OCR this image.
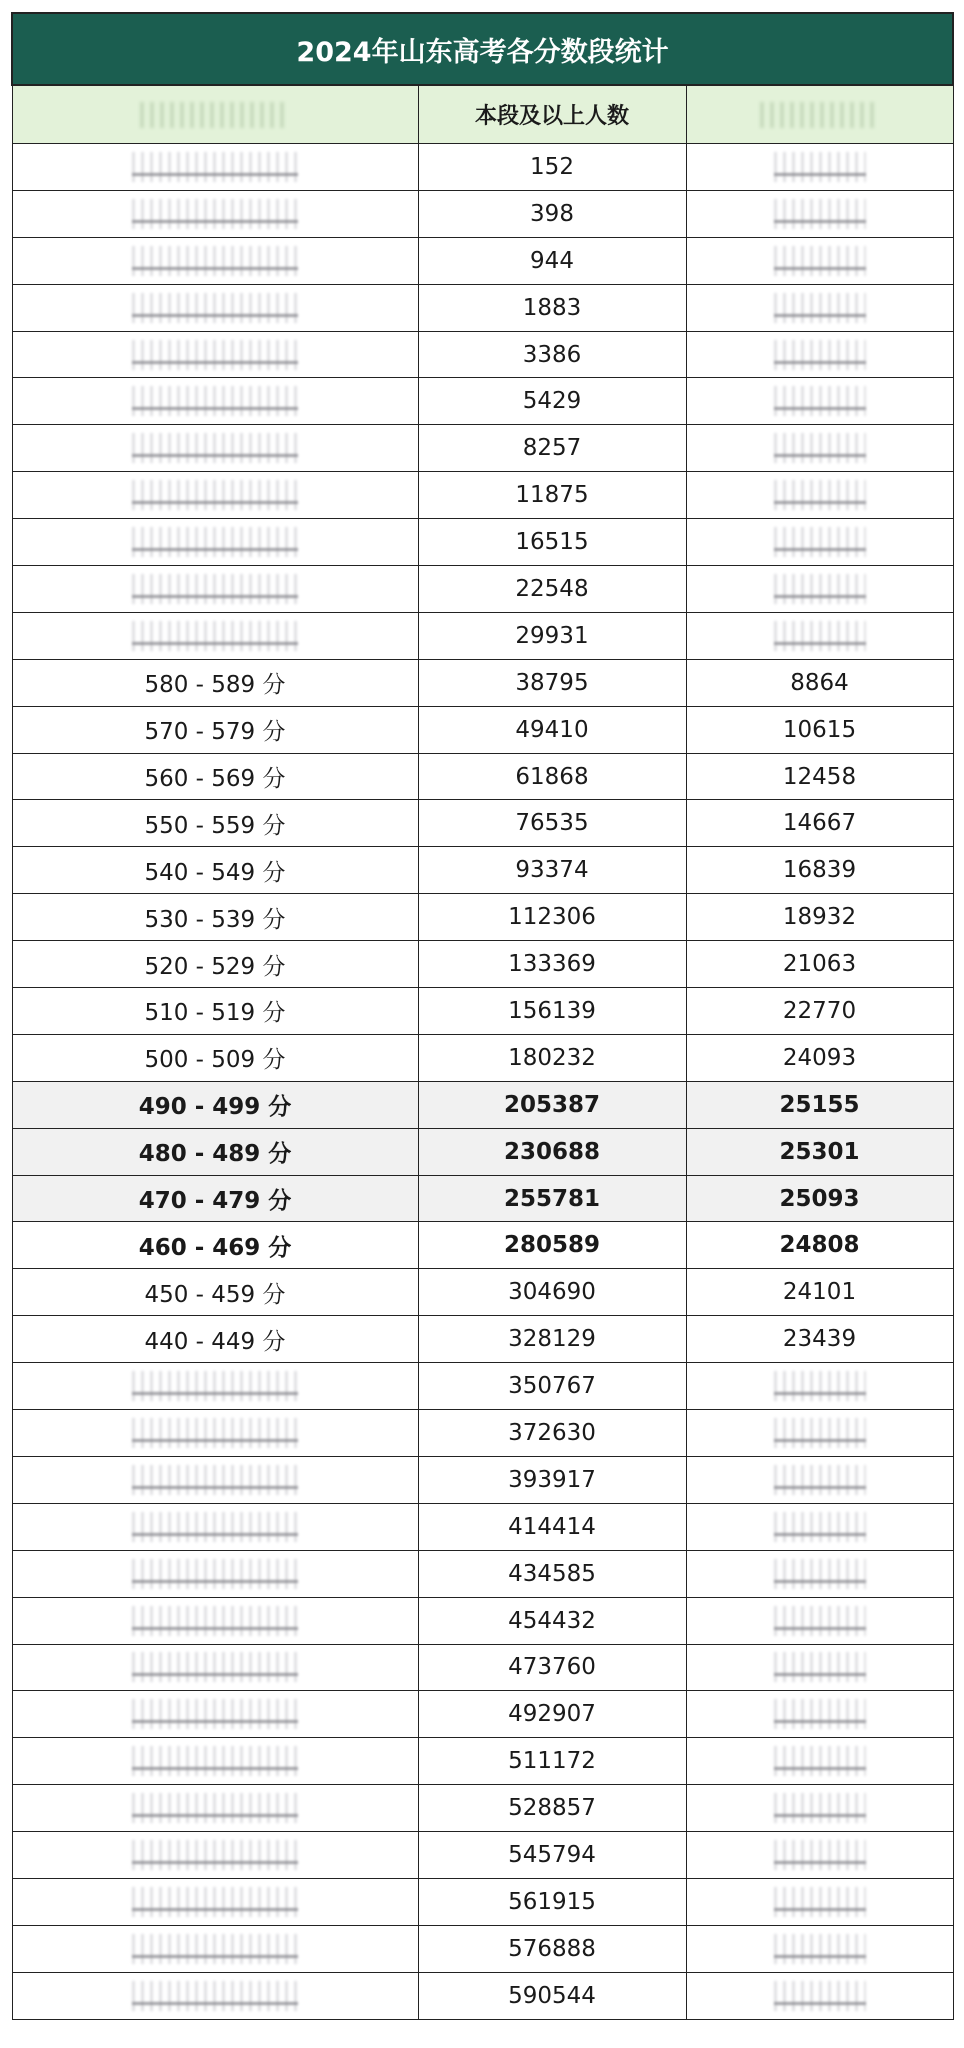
2024年山东高考各分数段统计		
	本段及以上人数	
	152	
	398	
	944	
	1883	
	3386	
	5429	
	8257	
	11875	
	16515	
	22548	
	29931	
580 - 589 分	38795	8864
570 - 579 分	49410	10615
560 - 569 分	61868	12458
550 - 559 分	76535	14667
540 - 549 分	93374	16839
530 - 539 分	112306	18932
520 - 529 分	133369	21063
510 - 519 分	156139	22770
500 - 509 分	180232	24093
490 - 499 分	205387	25155
480 - 489 分	230688	25301
470 - 479 分	255781	25093
460 - 469 分	280589	24808
450 - 459 分	304690	24101
440 - 449 分	328129	23439
	350767	
	372630	
	393917	
	414414	
	434585	
	454432	
	473760	
	492907	
	511172	
	528857	
	545794	
	561915	
	576888	
	590544	
